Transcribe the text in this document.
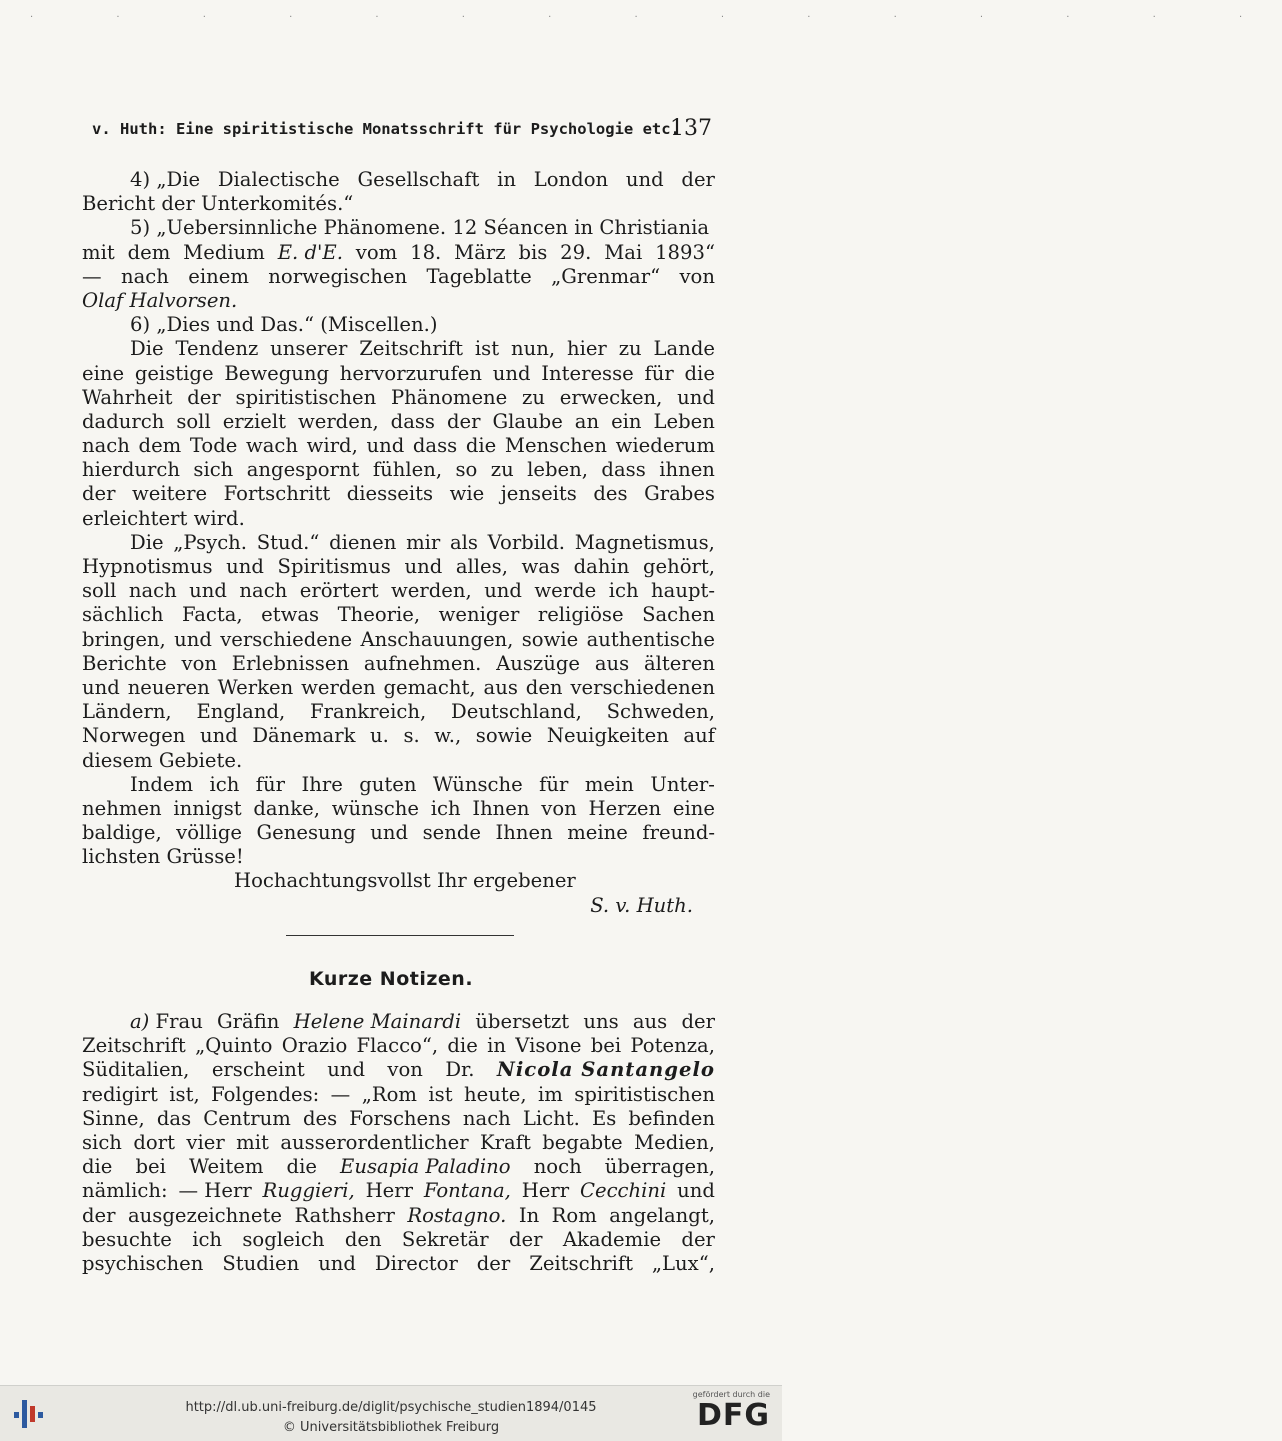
· · · · · · · · · · · · · · ·
v. Huth: Eine spiritistische Monatsschrift für Psychologie etc.
137
4) „Die Dialectische Gesellschaft in London und der
Bericht der Unterkomités.“
5) „Uebersinnliche Phänomene. 12 Séancen in Christiania
mit dem Medium E. d'E. vom 18. März bis 29. Mai 1893“
— nach einem norwegischen Tageblatte „Grenmar“ von
Olaf Halvorsen.
6) „Dies und Das.“ (Miscellen.)
Die Tendenz unserer Zeitschrift ist nun, hier zu Lande
eine geistige Bewegung hervorzurufen und Interesse für die
Wahrheit der spiritistischen Phänomene zu erwecken, und
dadurch soll erzielt werden, dass der Glaube an ein Leben
nach dem Tode wach wird, und dass die Menschen wiederum
hierdurch sich angespornt fühlen, so zu leben, dass ihnen
der weitere Fortschritt diesseits wie jenseits des Grabes
erleichtert wird.
Die „Psych. Stud.“ dienen mir als Vorbild. Magnetismus,
Hypnotismus und Spiritismus und alles, was dahin gehört,
soll nach und nach erörtert werden, und werde ich haupt-
sächlich Facta, etwas Theorie, weniger religiöse Sachen
bringen, und verschiedene Anschauungen, sowie authentische
Berichte von Erlebnissen aufnehmen. Auszüge aus älteren
und neueren Werken werden gemacht, aus den verschiedenen
Ländern, England, Frankreich, Deutschland, Schweden,
Norwegen und Dänemark u. s. w., sowie Neuigkeiten auf
diesem Gebiete.
Indem ich für Ihre guten Wünsche für mein Unter-
nehmen innigst danke, wünsche ich Ihnen von Herzen eine
baldige, völlige Genesung und sende Ihnen meine freund-
lichsten Grüsse!
Hochachtungsvollst Ihr ergebener
S. v. Huth.
Kurze Notizen.
a) Frau Gräfin Helene Mainardi übersetzt uns aus der
Zeitschrift „Quinto Orazio Flacco“, die in Visone bei Potenza,
Süditalien, erscheint und von Dr. Nicola Santangelo
redigirt ist, Folgendes: — „Rom ist heute, im spiritistischen
Sinne, das Centrum des Forschens nach Licht. Es befinden
sich dort vier mit ausserordentlicher Kraft begabte Medien,
die bei Weitem die Eusapia Paladino noch überragen,
nämlich: — Herr Ruggieri, Herr Fontana, Herr Cecchini und
der ausgezeichnete Rathsherr Rostagno. In Rom angelangt,
besuchte ich sogleich den Sekretär der Akademie der
psychischen Studien und Director der Zeitschrift „Lux“,
http://dl.ub.uni-freiburg.de/diglit/psychische_studien1894/0145
© Universitätsbibliothek Freiburg
gefördert durch die
DFG
